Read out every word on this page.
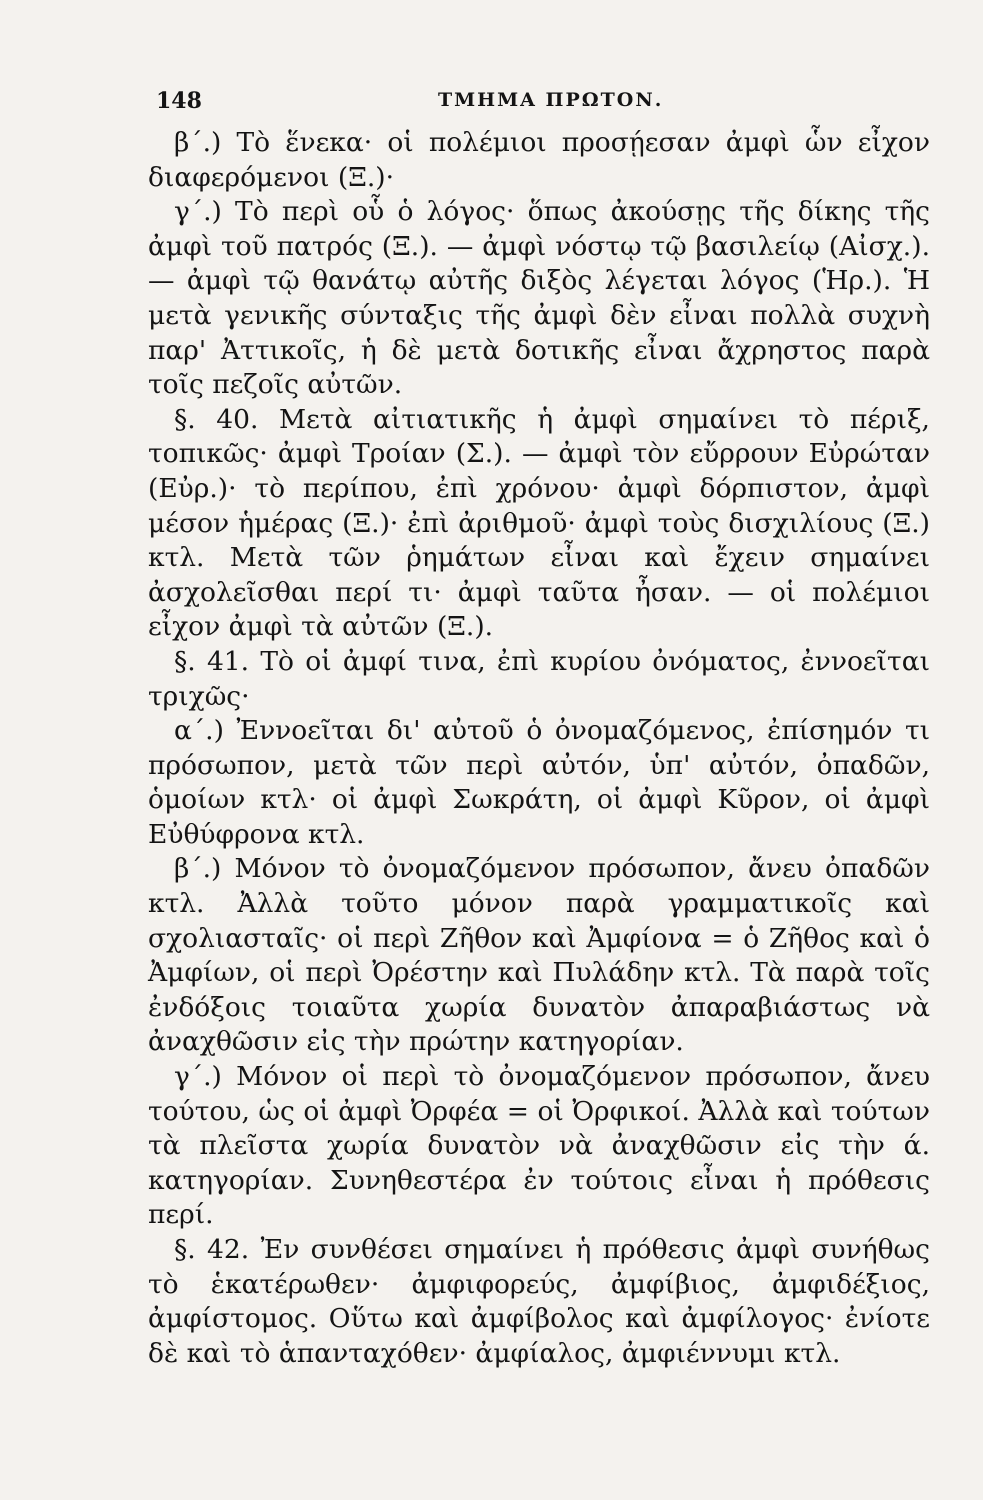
148	ΤΜΗΜΑ ΠΡΩΤΟΝ.

β΄.) Τὸ ἕνεκα· οἱ πολέμιοι προσῄεσαν ἀμφὶ ὧν εἶχον διαφερόμενοι (Ξ.)·

γ΄.) Τὸ περὶ οὗ ὁ λόγος· ὅπως ἀκούσῃς τῆς δίκης τῆς ἀμφὶ τοῦ πατρός (Ξ.). — ἀμφὶ νόστῳ τῷ βασιλείῳ (Αἰσχ.). — ἀμφὶ τῷ θανάτῳ αὐτῆς διξὸς λέγεται λόγος (Ἡρ.). Ἡ μετὰ γενικῆς σύνταξις τῆς ἀμφὶ δὲν εἶναι πολλὰ συχνὴ παρ' Ἀττικοῖς, ἡ δὲ μετὰ δοτικῆς εἶναι ἄχρηστος παρὰ τοῖς πεζοῖς αὐτῶν.

§. 40. Μετὰ αἰτιατικῆς ἡ ἀμφὶ σημαίνει τὸ πέριξ, τοπικῶς· ἀμφὶ Τροίαν (Σ.). — ἀμφὶ τὸν εὔρρουν Εὐρώταν (Εὐρ.)· τὸ περίπου, ἐπὶ χρόνου· ἀμφὶ δόρπιστον, ἀμφὶ μέσον ἡμέρας (Ξ.)· ἐπὶ ἀριθμοῦ· ἀμφὶ τοὺς δισχιλίους (Ξ.) κτλ. Μετὰ τῶν ῥημάτων εἶναι καὶ ἔχειν σημαίνει ἀσχολεῖσθαι περί τι· ἀμφὶ ταῦτα ἦσαν. — οἱ πολέμιοι εἶχον ἀμφὶ τὰ αὐτῶν (Ξ.).

§. 41. Τὸ οἱ ἀμφί τινα, ἐπὶ κυρίου ὀνόματος, ἐννοεῖται τριχῶς·

α΄.) Ἐννοεῖται δι' αὐτοῦ ὁ ὀνομαζόμενος, ἐπίσημόν τι πρόσωπον, μετὰ τῶν περὶ αὐτόν, ὑπ' αὐτόν, ὀπαδῶν, ὁμοίων κτλ· οἱ ἀμφὶ Σωκράτη, οἱ ἀμφὶ Κῦρον, οἱ ἀμφὶ Εὐθύφρονα κτλ.

β΄.) Μόνον τὸ ὀνομαζόμενον πρόσωπον, ἄνευ ὀπαδῶν κτλ. Ἀλλὰ τοῦτο μόνον παρὰ γραμματικοῖς καὶ σχολιασταῖς· οἱ περὶ Ζῆθον καὶ Ἀμφίονα = ὁ Ζῆθος καὶ ὁ Ἀμφίων, οἱ περὶ Ὀρέστην καὶ Πυλάδην κτλ. Τὰ παρὰ τοῖς ἐνδόξοις τοιαῦτα χωρία δυνατὸν ἀπαραβιάστως νὰ ἀναχθῶσιν εἰς τὴν πρώτην κατηγορίαν.

γ΄.) Μόνον οἱ περὶ τὸ ὀνομαζόμενον πρόσωπον, ἄνευ τούτου, ὡς οἱ ἀμφὶ Ὀρφέα = οἱ Ὀρφικοί. Ἀλλὰ καὶ τούτων τὰ πλεῖστα χωρία δυνατὸν νὰ ἀναχθῶσιν εἰς τὴν ά. κατηγορίαν. Συνηθεστέρα ἐν τούτοις εἶναι ἡ πρόθεσις περί.

§. 42. Ἐν συνθέσει σημαίνει ἡ πρόθεσις ἀμφὶ συνήθως τὸ ἑκατέρωθεν· ἀμφιφορεύς, ἀμφίβιος, ἀμφιδέξιος, ἀμφίστομος. Οὕτω καὶ ἀμφίβολος καὶ ἀμφίλογος· ἐνίοτε δὲ καὶ τὸ ἁπανταχόθεν· ἀμφίαλος, ἀμφιέννυμι κτλ.
